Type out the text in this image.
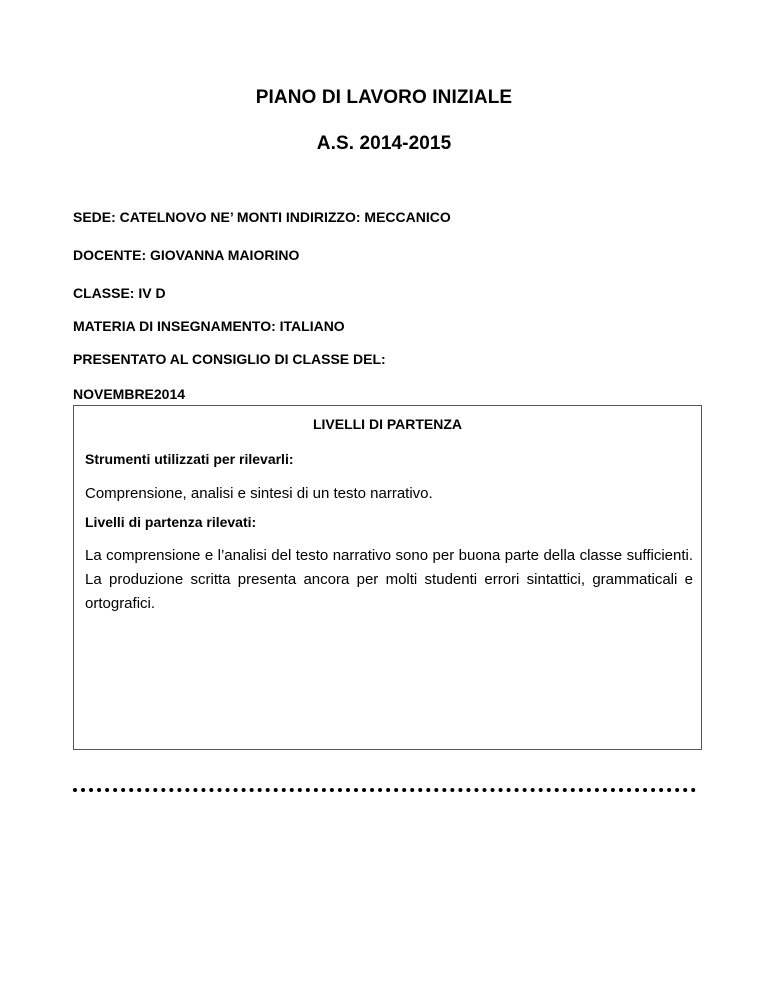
PIANO DI LAVORO INIZIALE
A.S. 2014-2015
SEDE: CATELNOVO NE’ MONTI INDIRIZZO: MECCANICO
DOCENTE: GIOVANNA MAIORINO
CLASSE: IV D
MATERIA DI INSEGNAMENTO: ITALIANO
PRESENTATO AL CONSIGLIO DI CLASSE DEL:
NOVEMBRE2014
LIVELLI DI PARTENZA
Strumenti utilizzati per rilevarli:
Comprensione, analisi e sintesi di un testo narrativo.
Livelli di partenza rilevati:
La comprensione e l’analisi del testo narrativo sono per buona parte della classe sufficienti. La produzione scritta presenta ancora per molti studenti errori sintattici, grammaticali e ortografici.
